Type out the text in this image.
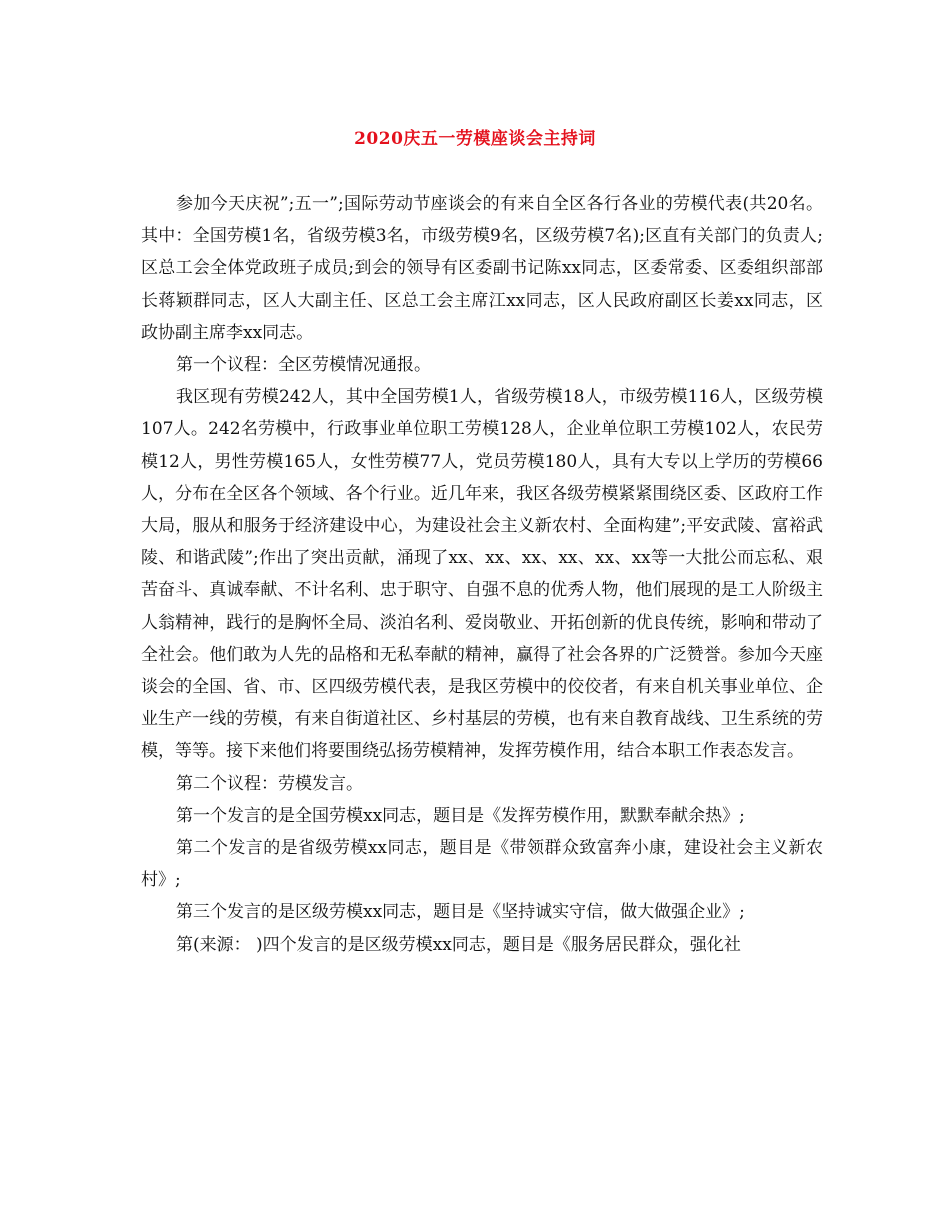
2020庆五一劳模座谈会主持词

参加今天庆祝”;五一”;国际劳动节座谈会的有来自全区各行各业的劳模代表(共20名。其中：全国劳模1名，省级劳模3名，市级劳模9名，区级劳模7名);区直有关部门的负责人;区总工会全体党政班子成员;到会的领导有区委副书记陈xx同志，区委常委、区委组织部部长蒋颖群同志，区人大副主任、区总工会主席江xx同志，区人民政府副区长姜xx同志，区政协副主席李xx同志。

第一个议程：全区劳模情况通报。

我区现有劳模242人，其中全国劳模1人，省级劳模18人，市级劳模116人，区级劳模107人。242名劳模中，行政事业单位职工劳模128人，企业单位职工劳模102人，农民劳模12人，男性劳模165人，女性劳模77人，党员劳模180人，具有大专以上学历的劳模66人，分布在全区各个领域、各个行业。近几年来，我区各级劳模紧紧围绕区委、区政府工作大局，服从和服务于经济建设中心，为建设社会主义新农村、全面构建”;平安武陵、富裕武陵、和谐武陵”;作出了突出贡献，涌现了xx、xx、xx、xx、xx、xx等一大批公而忘私、艰苦奋斗、真诚奉献、不计名利、忠于职守、自强不息的优秀人物，他们展现的是工人阶级主人翁精神，践行的是胸怀全局、淡泊名利、爱岗敬业、开拓创新的优良传统，影响和带动了全社会。他们敢为人先的品格和无私奉献的精神，赢得了社会各界的广泛赞誉。参加今天座谈会的全国、省、市、区四级劳模代表，是我区劳模中的佼佼者，有来自机关事业单位、企业生产一线的劳模，有来自街道社区、乡村基层的劳模，也有来自教育战线、卫生系统的劳模，等等。接下来他们将要围绕弘扬劳模精神，发挥劳模作用，结合本职工作表态发言。

第二个议程：劳模发言。

第一个发言的是全国劳模xx同志，题目是《发挥劳模作用，默默奉献余热》;

第二个发言的是省级劳模xx同志，题目是《带领群众致富奔小康，建设社会主义新农村》;

第三个发言的是区级劳模xx同志，题目是《坚持诚实守信，做大做强企业》;

第(来源： )四个发言的是区级劳模xx同志，题目是《服务居民群众，强化社
